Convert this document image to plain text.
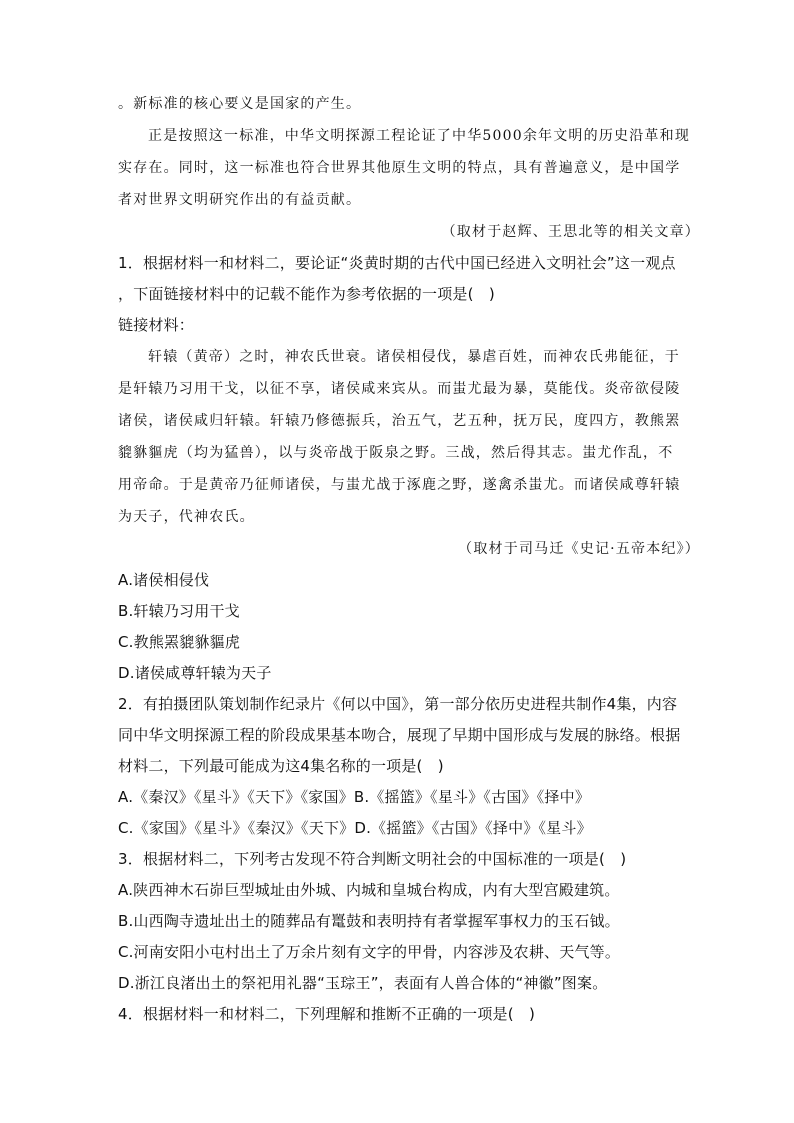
。新标准的核心要义是国家的产生。
正是按照这一标准，中华文明探源工程论证了中华5000余年文明的历史沿革和现
实存在。同时，这一标准也符合世界其他原生文明的特点，具有普遍意义，是中国学
者对世界文明研究作出的有益贡献。
（取材于赵辉、王思北等的相关文章）
1．根据材料一和材料二，要论证“炎黄时期的古代中国已经进入文明社会”这一观点
，下面链接材料中的记载不能作为参考依据的一项是(　)
链接材料：
轩辕（黄帝）之时，神农氏世衰。诸侯相侵伐，暴虐百姓，而神农氏弗能征，于
是轩辕乃习用干戈，以征不享，诸侯咸来宾从。而蚩尤最为暴，莫能伐。炎帝欲侵陵
诸侯，诸侯咸归轩辕。轩辕乃修德振兵，治五气，艺五种，抚万民，度四方，教熊罴
貔貅貙虎（均为猛兽），以与炎帝战于阪泉之野。三战，然后得其志。蚩尤作乱，不
用帝命。于是黄帝乃征师诸侯，与蚩尤战于涿鹿之野，遂禽杀蚩尤。而诸侯咸尊轩辕
为天子，代神农氏。
（取材于司马迁《史记·五帝本纪》）
A.诸侯相侵伐
B.轩辕乃习用干戈
C.教熊罴貔貅貙虎
D.诸侯咸尊轩辕为天子
2．有拍摄团队策划制作纪录片《何以中国》，第一部分依历史进程共制作4集，内容
同中华文明探源工程的阶段成果基本吻合，展现了早期中国形成与发展的脉络。根据
材料二，下列最可能成为这4集名称的一项是(　)
A.《秦汉》《星斗》《天下》《家国》B.《摇篮》《星斗》《古国》《择中》
C.《家国》《星斗》《秦汉》《天下》D.《摇篮》《古国》《择中》《星斗》
3．根据材料二，下列考古发现不符合判断文明社会的中国标准的一项是(　)
A.陕西神木石峁巨型城址由外城、内城和皇城台构成，内有大型宫殿建筑。
B.山西陶寺遗址出土的随葬品有鼍鼓和表明持有者掌握军事权力的玉石钺。
C.河南安阳小屯村出土了万余片刻有文字的甲骨，内容涉及农耕、天气等。
D.浙江良渚出土的祭祀用礼器“玉琮王”，表面有人兽合体的“神徽”图案。
4．根据材料一和材料二，下列理解和推断不正确的一项是(　)
